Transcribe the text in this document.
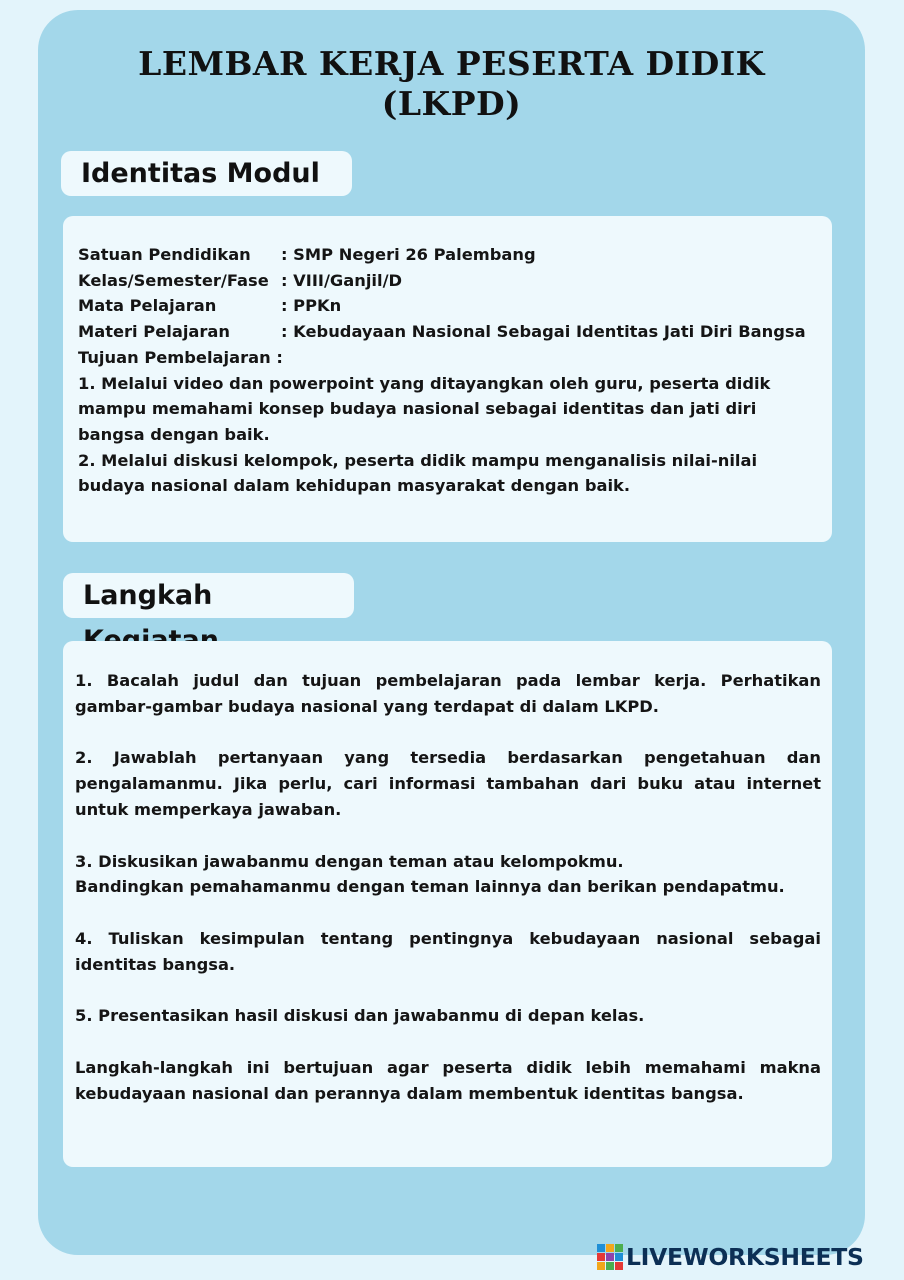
LEMBAR KERJA PESERTA DIDIK
(LKPD)
Identitas Modul
Satuan Pendidikan	: SMP Negeri 26 Palembang
Kelas/Semester/Fase : VIII/Ganjil/D
Mata Pelajaran	: PPKn
Materi Pelajaran	: Kebudayaan Nasional Sebagai Identitas Jati Diri Bangsa
Tujuan Pembelajaran :
1. Melalui video dan powerpoint yang ditayangkan oleh guru, peserta didik mampu memahami konsep budaya nasional sebagai identitas dan jati diri bangsa dengan baik.
2. Melalui diskusi kelompok, peserta didik mampu menganalisis nilai-nilai budaya nasional dalam kehidupan masyarakat dengan baik.
Langkah

1. Bacalah judul dan tujuan pembelajaran pada lembar kerja. Perhatikan gambar-gambar budaya nasional yang terdapat di dalam LKPD.

2. Jawablah pertanyaan yang tersedia berdasarkan pengetahuan dan pengalamanmu. Jika perlu, cari informasi tambahan dari buku atau internet untuk memperkaya jawaban.

3. Diskusikan jawabanmu dengan teman atau kelompokmu.
Bandingkan pemahamanmu dengan teman lainnya dan berikan pendapatmu.

4. Tuliskan kesimpulan tentang pentingnya kebudayaan nasional sebagai identitas bangsa.

5. Presentasikan hasil diskusi dan jawabanmu di depan kelas.

Langkah-langkah ini bertujuan agar peserta didik lebih memahami makna kebudayaan nasional dan perannya dalam membentuk identitas bangsa.

LIVEWORKSHEETS
